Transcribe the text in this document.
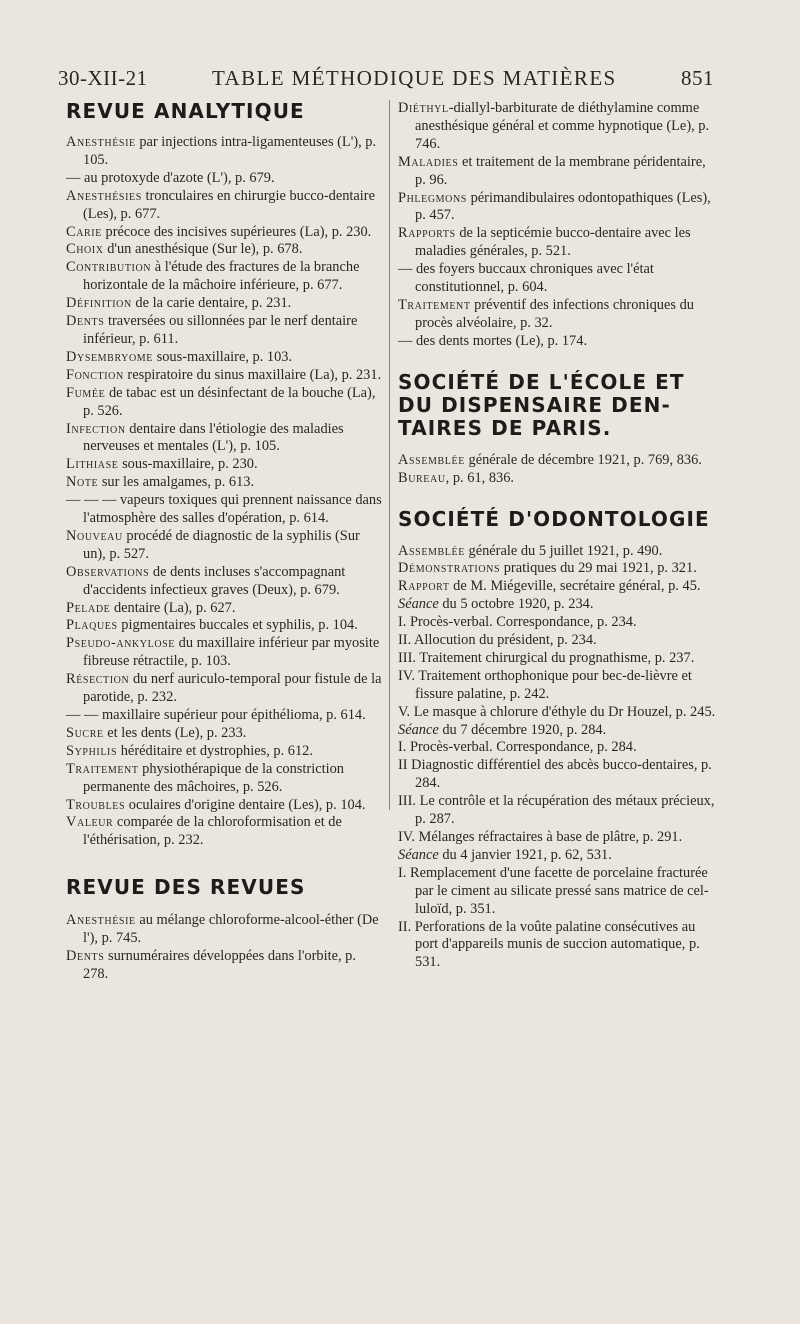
30-XII-21	TABLE MÉTHODIQUE DES MATIÈRES	851
REVUE ANALYTIQUE

Anesthésie par injections intra-ligamenteuses (L'), p. 105.

— au protoxyde d'azote (L'), p. 679.

Anesthésies tronculaires en chirurgie bucco-dentaire (Les), p. 677.

Carie précoce des incisives supérieures (La), p. 230.

Choix d'un anesthésique (Sur le), p. 678.

Contribution à l'étude des fractures de la branche horizontale de la mâchoire inférieure, p. 677.

Définition de la carie dentaire, p. 231.

Dents traversées ou sillonnées par le nerf dentaire inférieur, p. 611.

Dysembryome sous-maxillaire, p. 103.

Fonction respiratoire du sinus maxillaire (La), p. 231.

Fumée de tabac est un désinfectant de la bouche (La), p. 526.

Infection dentaire dans l'étiologie des maladies nerveuses et mentales (L'), p. 105.

Lithiase sous-maxillaire, p. 230.

Note sur les amalgames, p. 613.

— — — vapeurs toxiques qui prennent naissance dans l'atmosphère des salles d'opération, p. 614.

Nouveau procédé de diagnostic de la syphilis (Sur un), p. 527.

Observations de dents incluses s'accompagnant d'accidents infectieux graves (Deux), p. 679.

Pelade dentaire (La), p. 627.

Plaques pigmentaires buccales et syphilis, p. 104.

Pseudo-ankylose du maxillaire inférieur par myosite fibreuse rétractile, p. 103.

Résection du nerf auriculo-temporal pour fistule de la parotide, p. 232.

— — maxillaire supérieur pour épithélioma, p. 614.

Sucre et les dents (Le), p. 233.

Syphilis héréditaire et dystrophies, p. 612.

Traitement physiothérapique de la constriction permanente des mâchoires, p. 526.

Troubles oculaires d'origine dentaire (Les), p. 104.

Valeur comparée de la chloroformisation et de l'éthérisation, p. 232.

REVUE DES REVUES

Anesthésie au mélange chloroforme-alcool-éther (De l'), p. 745.

Dents surnuméraires développées dans l'orbite, p. 278.

Diéthyl-diallyl-barbiturate de diéthylamine comme anesthésique général et comme hypnotique (Le), p. 746.

Maladies et traitement de la membrane péridentaire, p. 96.

Phlegmons périmandibulaires odontopathiques (Les), p. 457.

Rapports de la septicémie bucco-dentaire avec les maladies générales, p. 521.

— des foyers buccaux chroniques avec l'état constitutionnel, p. 604.

Traitement préventif des infections chroniques du procès alvéolaire, p. 32.

— des dents mortes (Le), p. 174.

SOCIÉTÉ DE L'ÉCOLE ET DU DISPENSAIRE DENTAIRES DE PARIS.

Assemblée générale de décembre 1921, p. 769, 836.

Bureau, p. 61, 836.

SOCIÉTÉ D'ODONTOLOGIE

Assemblée générale du 5 juillet 1921, p. 490.

Démonstrations pratiques du 29 mai 1921, p. 321.

Rapport de M. Miégeville, secrétaire général, p. 45.

Séance du 5 octobre 1920, p. 234.

I. Procès-verbal. Correspondance, p. 234.

II. Allocution du président, p. 234.

III. Traitement chirurgical du prognathisme, p. 237.

IV. Traitement orthophonique pour bec-de-lièvre et fissure palatine, p. 242.

V. Le masque à chlorure d'éthyle du Dr Houzel, p. 245.

Séance du 7 décembre 1920, p. 284.

I. Procès-verbal. Correspondance, p. 284.

II Diagnostic différentiel des abcès bucco-dentaires, p. 284.

III. Le contrôle et la récupération des métaux précieux, p. 287.

IV. Mélanges réfractaires à base de plâtre, p. 291.

Séance du 4 janvier 1921, p. 62, 531.

I. Remplacement d'une facette de porcelaine fracturée par le ciment au silicate pressé sans matrice de celluloïd, p. 351.

II. Perforations de la voûte palatine consécutives au port d'appareils munis de succion automatique, p. 531.
